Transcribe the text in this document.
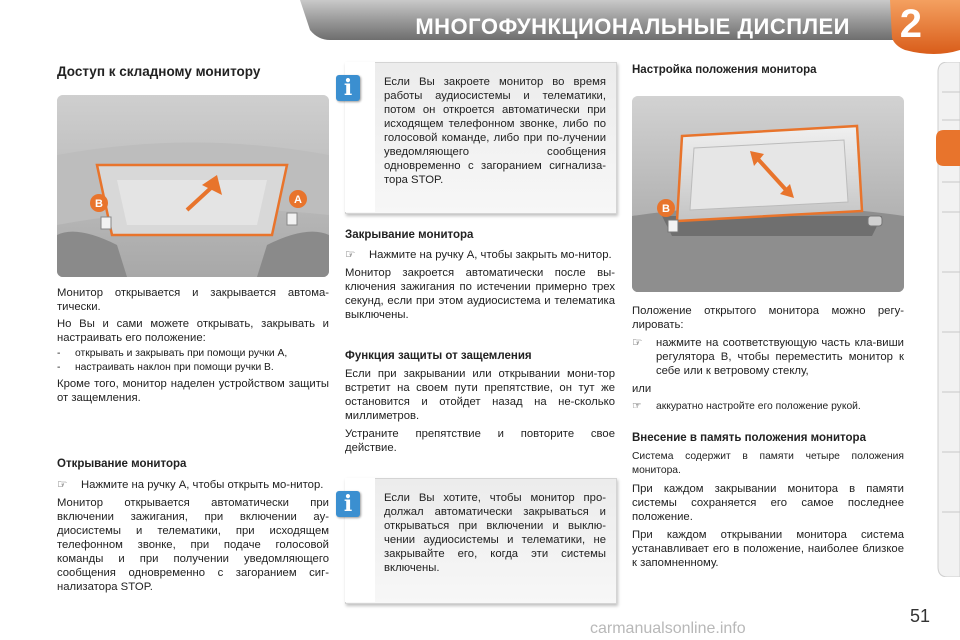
МНОГОФУНКЦИОНАЛЬНЫЕ ДИСПЛЕИ 2
Доступ к складному монитору
B	A

Монитор открывается и закрывается автома-тически.

Но Вы и сами можете открывать, закрывать и настраивать его положение:

-	открывать и закрывать при помощи ручки A,
-	настраивать наклон при помощи ручки B.

Кроме того, монитор наделен устройством защиты от защемления.

Открывание монитора
☞	Нажмите на ручку A, чтобы открыть мо-нитор.

Монитор открывается автоматически при включении зажигания, при включении ау-диосистемы и телематики, при исходящем телефонном звонке, при подаче голосовой команды и при получении уведомляющего сообщения одновременно с загоранием сиг-нализатора STOP.

i	Если Вы закроете монитор во время работы аудиосистемы и телематики, потом он откроется автоматически при исходящем телефонном звонке, либо по голосовой команде, либо при по-лучении уведомляющего сообщения одновременно с загоранием сигнализа-тора STOP.

Закрывание монитора
☞	Нажмите на ручку A, чтобы закрыть мо-нитор.

Монитор закроется автоматически после вы-ключения зажигания по истечении примерно трех секунд, если при этом аудиосистема и телематика выключены.

Функция защиты от защемления

Если при закрывании или открывании мони-тор встретит на своем пути препятствие, он тут же остановится и отойдет назад на не-сколько миллиметров.

Устраните препятствие и повторите свое действие.

i	Если Вы хотите, чтобы монитор про-должал автоматически закрываться и открываться при включении и выклю-чении аудиосистемы и телематики, не закрывайте его, когда эти системы включены.

Настройка положения монитора
B

Положение открытого монитора можно регу-лировать:

☞	нажмите на соответствующую часть кла-виши регулятора B, чтобы переместить монитор к себе или к ветровому стеклу,

или

☞	аккуратно настройте его положение рукой.
Внесение в память положения монитора

Система содержит в памяти четыре положения монитора.

При каждом закрывании монитора в памяти системы сохраняется его самое последнее положение.

При каждом открывании монитора система устанавливает его в положение, наиболее близкое к запомненному.

51
carmanualsonline.info
